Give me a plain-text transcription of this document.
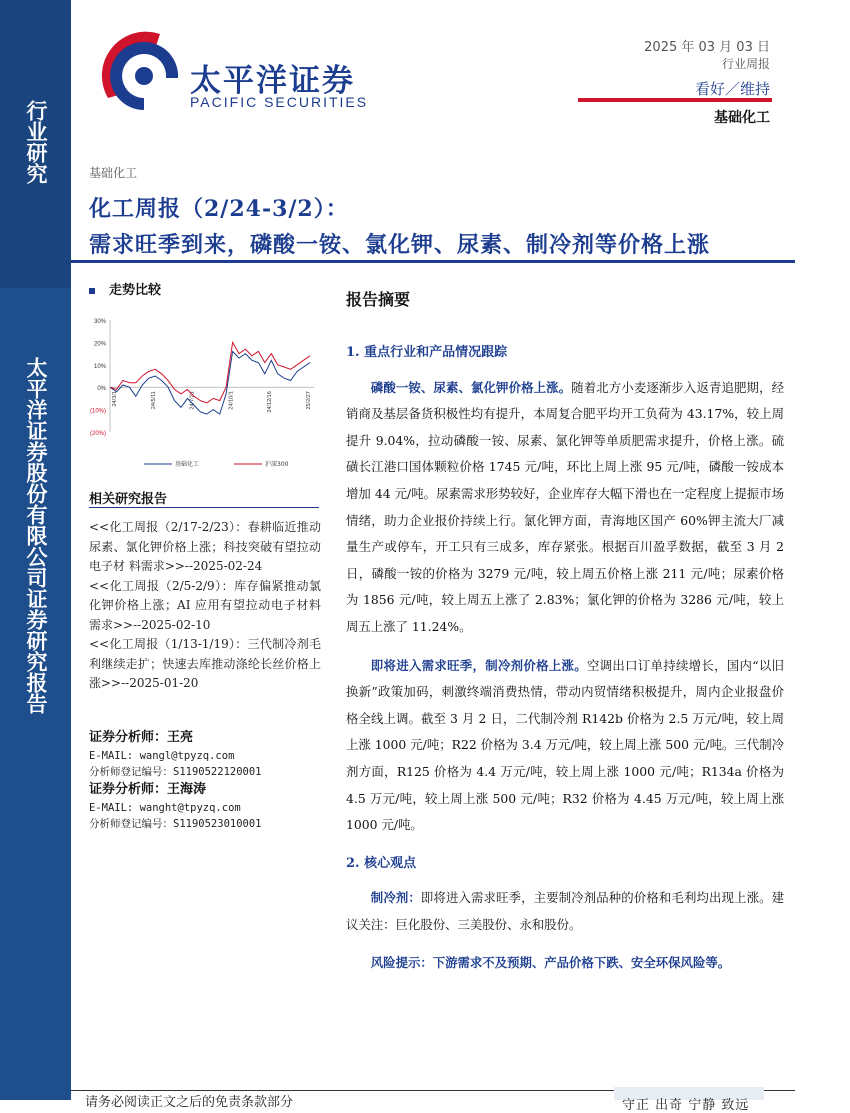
行业研究
太平洋证券股份有限公司证券研究报告
太平洋证券
PACIFIC SECURITIES
2025 年 03 月 03 日
行业周报
看好／维持
基础化工
基础化工
化工周报（2/24-3/2）：
需求旺季到来，磷酸一铵、氯化钾、尿素、制冷剂等价格上涨
走势比较
30%
20%
10%
0%
(10%)
(20%)
24/3/1	24/5/11	24/7/21	24/10/1	24/12/16	25/2/27
基础化工	沪深300
相关研究报告
<<化工周报（2/17-2/23）：春耕临近推动尿素、氯化钾价格上涨；科技突破有望拉动电子材 料需求>>--2025-02-24
<<化工周报（2/5-2/9）：库存偏紧推动氯化钾价格上涨；AI 应用有望拉动电子材料需求>>--2025-02-10
<<化工周报（1/13-1/19）：三代制冷剂毛利继续走扩；快速去库推动涤纶长丝价格上涨>>--2025-01-20
证券分析师：王亮
E-MAIL: wangl@tpyzq.com
分析师登记编号：S1190522120001
证券分析师：王海涛
E-MAIL: wanght@tpyzq.com
分析师登记编号：S1190523010001
报告摘要
1. 重点行业和产品情况跟踪
磷酸一铵、尿素、氯化钾价格上涨。随着北方小麦逐渐步入返青追肥期，经销商及基层备货积极性均有提升，本周复合肥平均开工负荷为 43.17%，较上周提升 9.04%，拉动磷酸一铵、尿素、氯化钾等单质肥需求提升，价格上涨。硫磺长江港口国体颗粒价格 1745 元/吨，环比上周上涨 95 元/吨，磷酸一铵成本增加 44 元/吨。尿素需求形势较好，企业库存大幅下滑也在一定程度上提振市场情绪，助力企业报价持续上行。氯化钾方面，青海地区国产 60%钾主流大厂减量生产或停车，开工只有三成多，库存紧张。根据百川盈孚数据，截至 3 月 2 日，磷酸一铵的价格为 3279 元/吨，较上周五价格上涨 211 元/吨；尿素价格为 1856 元/吨，较上周五上涨了 2.83%；氯化钾的价格为 3286 元/吨，较上周五上涨了 11.24%。
即将进入需求旺季，制冷剂价格上涨。空调出口订单持续增长，国内“以旧换新”政策加码，刺激终端消费热情，带动内贸情绪积极提升，周内企业报盘价格全线上调。截至 3 月 2 日，二代制冷剂 R142b 价格为 2.5 万元/吨，较上周上涨 1000 元/吨；R22 价格为 3.4 万元/吨，较上周上涨 500 元/吨。三代制冷剂方面，R125 价格为 4.4 万元/吨，较上周上涨 1000 元/吨；R134a 价格为 4.5 万元/吨，较上周上涨 500 元/吨；R32 价格为 4.45 万元/吨，较上周上涨 1000 元/吨。
2. 核心观点
制冷剂：即将进入需求旺季，主要制冷剂品种的价格和毛利均出现上涨。建议关注：巨化股份、三美股份、永和股份。
风险提示：下游需求不及预期、产品价格下跌、安全环保风险等。
请务必阅读正文之后的免责条款部分	守正 出奇 宁静 致远
